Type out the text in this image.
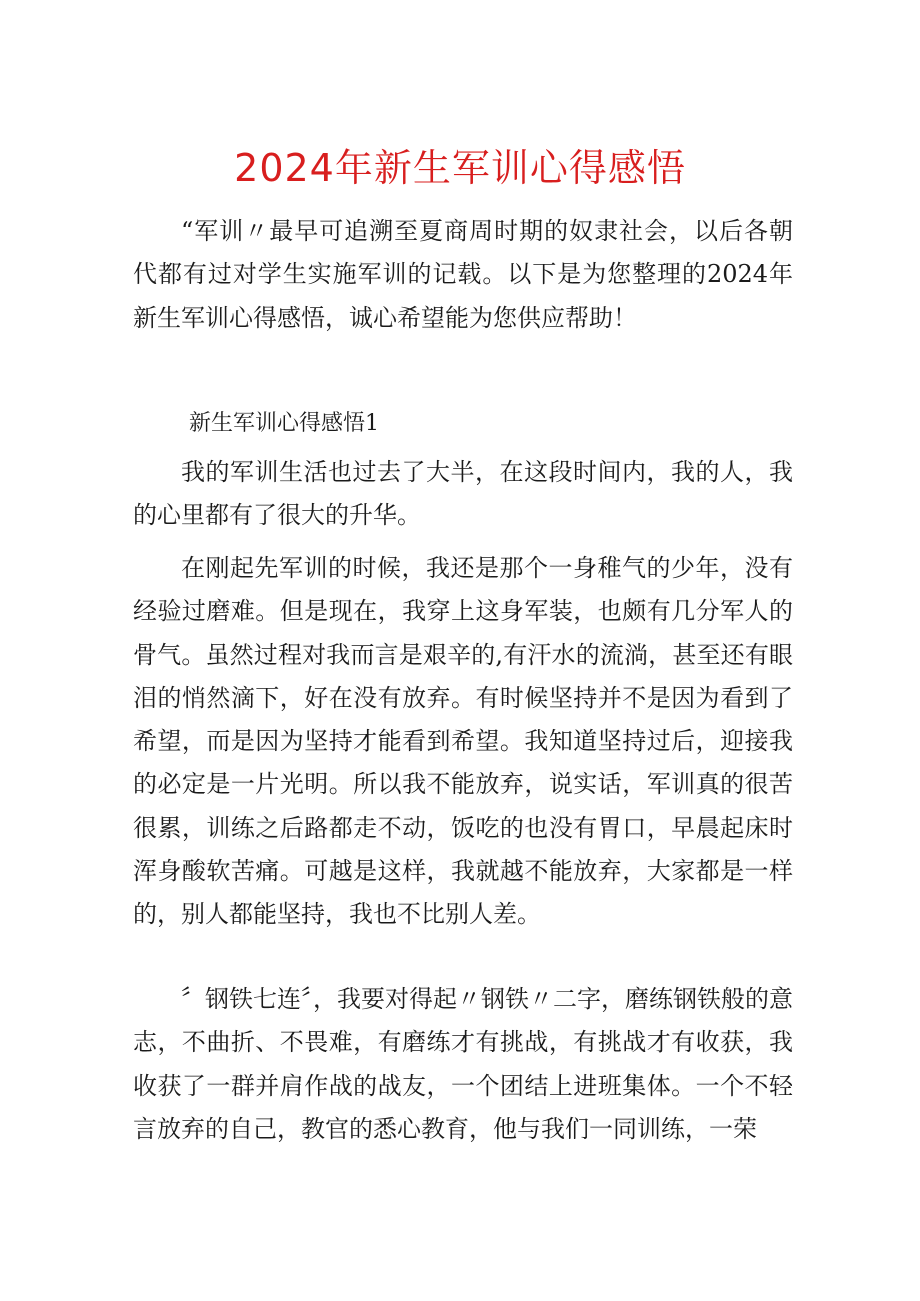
2024年新生军训心得感悟

“军训〃最早可追溯至夏商周时期的奴隶社会，以后各朝代都有过对学生实施军训的记载。以下是为您整理的2024年新生军训心得感悟，诚心希望能为您供应帮助！

新生军训心得感悟1

我的军训生活也过去了大半，在这段时间内，我的人，我的心里都有了很大的升华。

在刚起先军训的时候，我还是那个一身稚气的少年，没有经验过磨难。但是现在，我穿上这身军装，也颇有几分军人的骨气。虽然过程对我而言是艰辛的,有汗水的流淌，甚至还有眼泪的悄然滴下，好在没有放弃。有时候坚持并不是因为看到了希望，而是因为坚持才能看到希望。我知道坚持过后，迎接我的必定是一片光明。所以我不能放弃，说实话，军训真的很苦很累，训练之后路都走不动，饭吃的也没有胃口，早晨起床时浑身酸软苦痛。可越是这样，我就越不能放弃，大家都是一样的，别人都能坚持，我也不比别人差。

〞钢铁七连〞，我要对得起〃钢铁〃二字，磨练钢铁般的意志，不曲折、不畏难，有磨练才有挑战，有挑战才有收获，我收获了一群并肩作战的战友，一个团结上进班集体。一个不轻言放弃的自己，教官的悉心教育，他与我们一同训练，一荣
